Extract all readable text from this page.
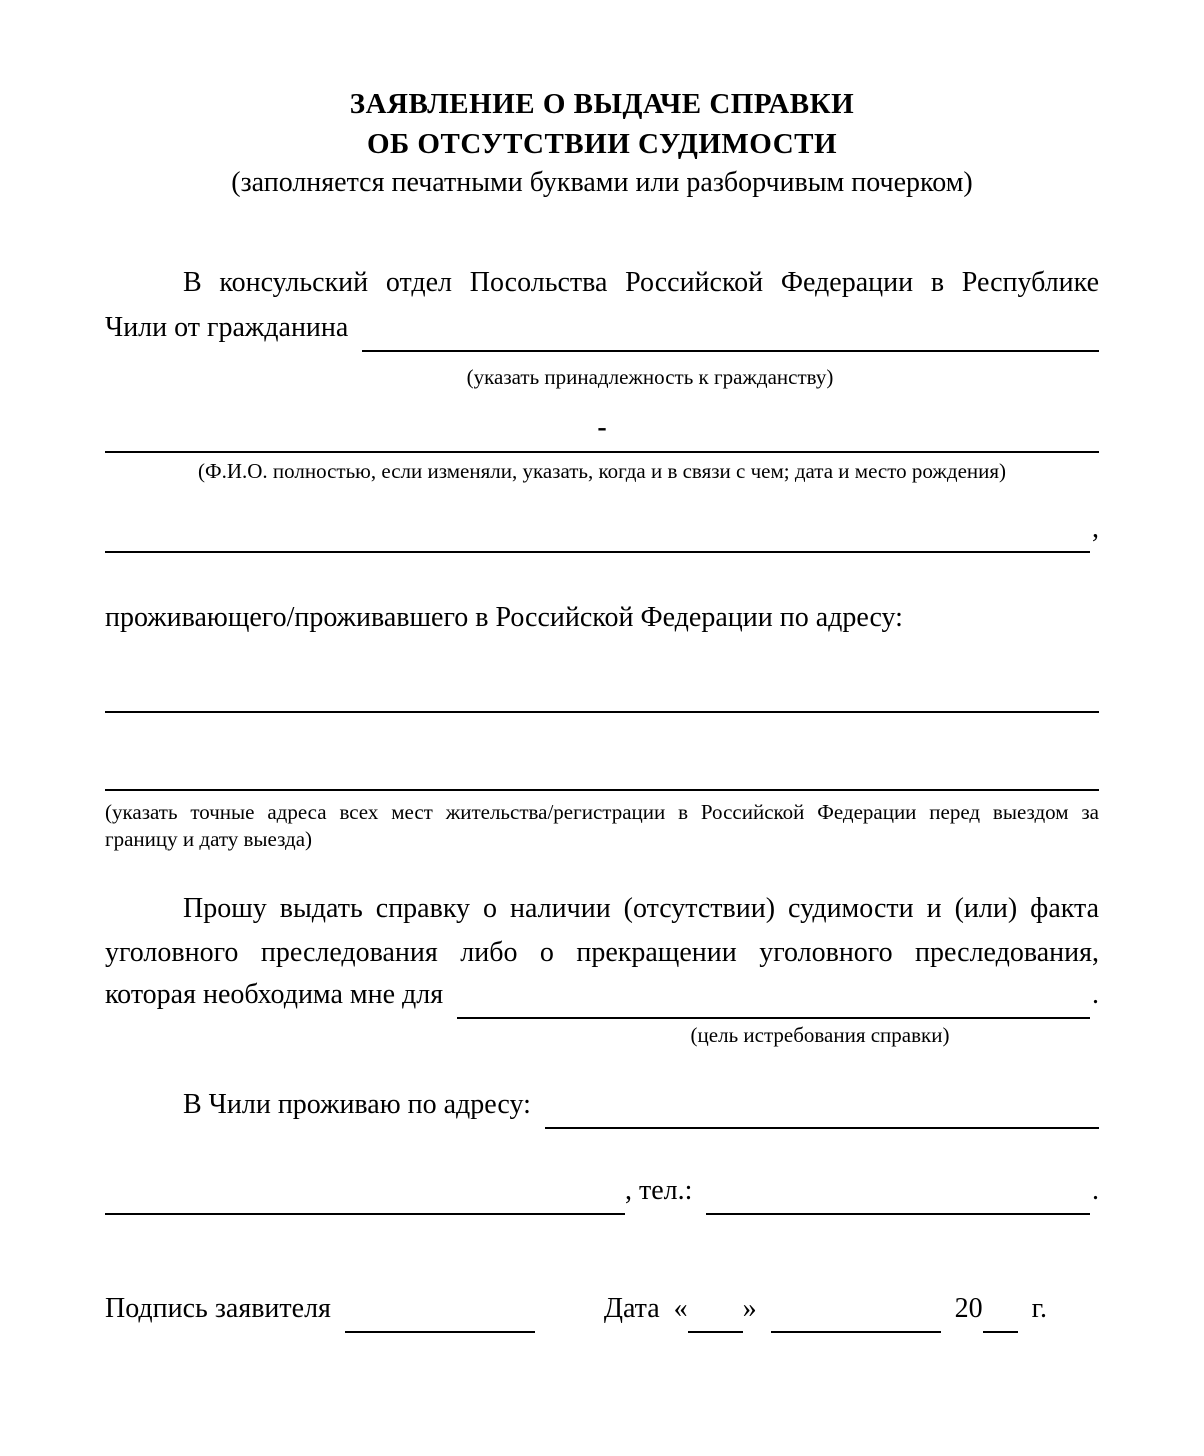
ЗАЯВЛЕНИЕ О ВЫДАЧЕ СПРАВКИ
ОБ ОТСУТСТВИИ СУДИМОСТИ
(заполняется печатными буквами или разборчивым почерком)
В консульский отдел Посольства Российской Федерации в Республике
Чили от гражданина
(указать принадлежность к гражданству)
-
(Ф.И.О. полностью, если изменяли, указать, когда и в связи с чем; дата и место рождения)
,
проживающего/проживавшего в Российской Федерации по адресу:
(указать точные адреса всех мест жительства/регистрации в Российской Федерации перед выездом за
границу и дату выезда)
Прошу выдать справку о наличии (отсутствии) судимости и (или) факта
уголовного преследования либо о прекращении уголовного преследования,
которая необходима мне для	.
(цель истребования справки)
В Чили проживаю по адресу:
, тел.:	.
Подпись заявителя	Дата « »	20 г.
